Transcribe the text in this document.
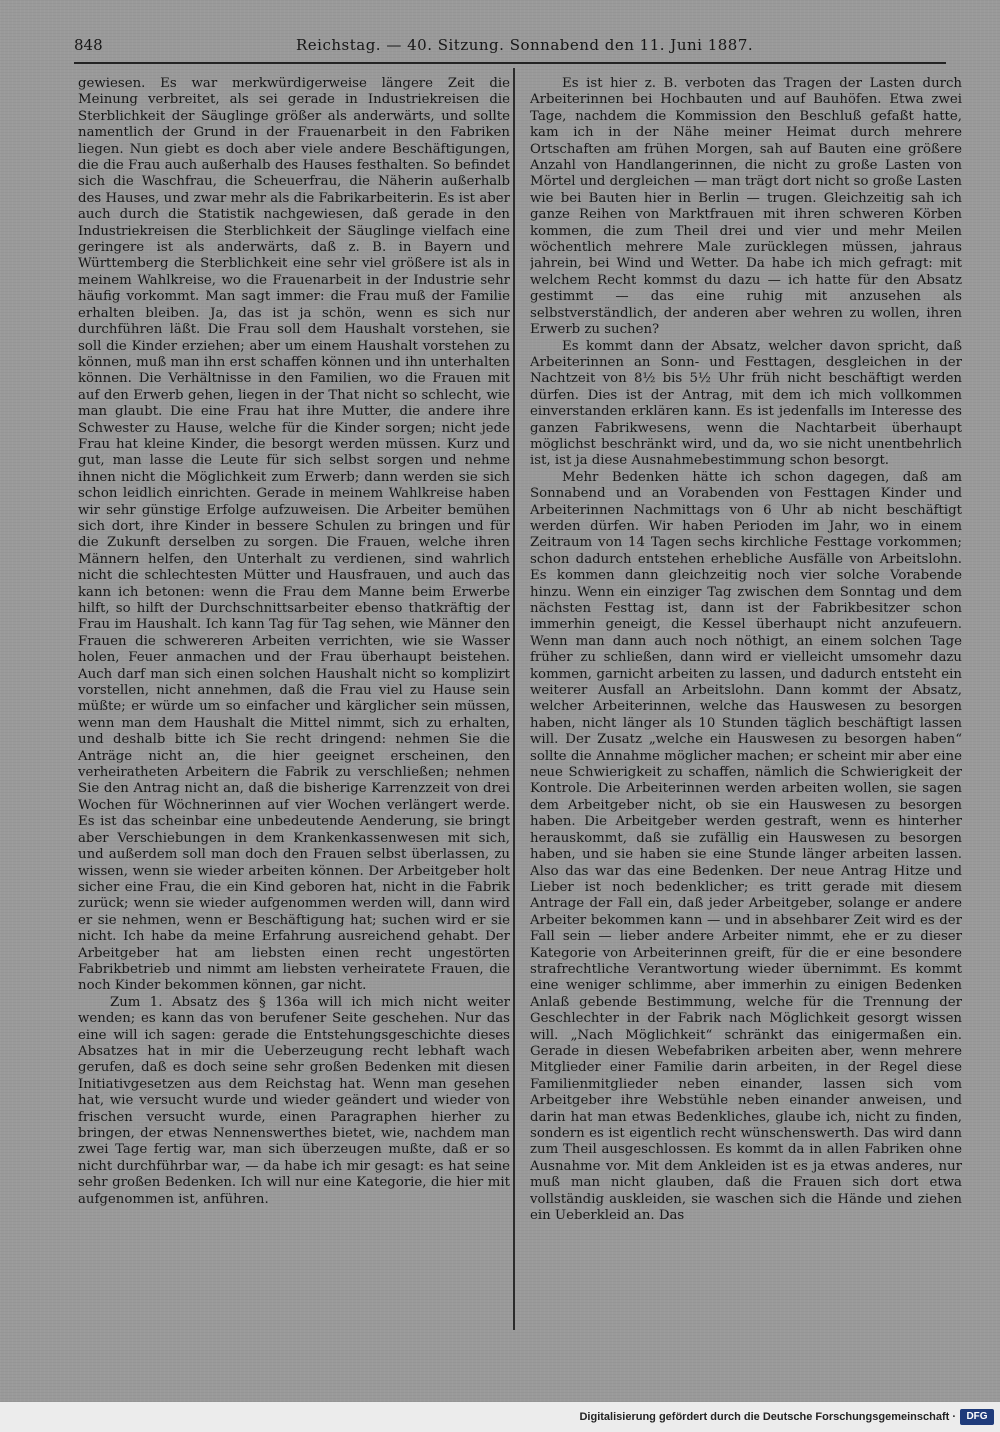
848	Reichstag. — 40. Sitzung. Sonnabend den 11. Juni 1887.

gewiesen. Es war merkwürdigerweise längere Zeit die Meinung verbreitet, als sei gerade in Industriekreisen die Sterblichkeit der Säuglinge größer als anderwärts, und sollte namentlich der Grund in der Frauenarbeit in den Fabriken liegen. Nun giebt es doch aber viele andere Beschäftigungen, die die Frau auch außerhalb des Hauses festhalten. So befindet sich die Waschfrau, die Scheuerfrau, die Näherin außerhalb des Hauses, und zwar mehr als die Fabrikarbeiterin. Es ist aber auch durch die Statistik nachgewiesen, daß gerade in den Industriekreisen die Sterblichkeit der Säuglinge vielfach eine geringere ist als anderwärts, daß z. B. in Bayern und Württemberg die Sterblichkeit eine sehr viel größere ist als in meinem Wahlkreise, wo die Frauenarbeit in der Industrie sehr häufig vorkommt. Man sagt immer: die Frau muß der Familie erhalten bleiben. Ja, das ist ja schön, wenn es sich nur durchführen läßt. Die Frau soll dem Haushalt vorstehen, sie soll die Kinder erziehen; aber um einem Haushalt vorstehen zu können, muß man ihn erst schaffen können und ihn unterhalten können. Die Verhältnisse in den Familien, wo die Frauen mit auf den Erwerb gehen, liegen in der That nicht so schlecht, wie man glaubt. Die eine Frau hat ihre Mutter, die andere ihre Schwester zu Hause, welche für die Kinder sorgen; nicht jede Frau hat kleine Kinder, die besorgt werden müssen. Kurz und gut, man lasse die Leute für sich selbst sorgen und nehme ihnen nicht die Möglichkeit zum Erwerb; dann werden sie sich schon leidlich einrichten. Gerade in meinem Wahlkreise haben wir sehr günstige Erfolge aufzuweisen. Die Arbeiter bemühen sich dort, ihre Kinder in bessere Schulen zu bringen und für die Zukunft derselben zu sorgen. Die Frauen, welche ihren Männern helfen, den Unterhalt zu verdienen, sind wahrlich nicht die schlechtesten Mütter und Hausfrauen, und auch das kann ich betonen: wenn die Frau dem Manne beim Erwerbe hilft, so hilft der Durchschnittsarbeiter ebenso thatkräftig der Frau im Haushalt. Ich kann Tag für Tag sehen, wie Männer den Frauen die schwereren Arbeiten verrichten, wie sie Wasser holen, Feuer anmachen und der Frau überhaupt beistehen. Auch darf man sich einen solchen Haushalt nicht so komplizirt vorstellen, nicht annehmen, daß die Frau viel zu Hause sein müßte; er würde um so einfacher und kärglicher sein müssen, wenn man dem Haushalt die Mittel nimmt, sich zu erhalten, und deshalb bitte ich Sie recht dringend: nehmen Sie die Anträge nicht an, die hier geeignet erscheinen, den verheiratheten Arbeitern die Fabrik zu verschließen; nehmen Sie den Antrag nicht an, daß die bisherige Karrenzzeit von drei Wochen für Wöchnerinnen auf vier Wochen verlängert werde. Es ist das scheinbar eine unbedeutende Aenderung, sie bringt aber Verschiebungen in dem Krankenkassenwesen mit sich, und außerdem soll man doch den Frauen selbst überlassen, zu wissen, wenn sie wieder arbeiten können. Der Arbeitgeber holt sicher eine Frau, die ein Kind geboren hat, nicht in die Fabrik zurück; wenn sie wieder aufgenommen werden will, dann wird er sie nehmen, wenn er Beschäftigung hat; suchen wird er sie nicht. Ich habe da meine Erfahrung ausreichend gehabt. Der Arbeitgeber hat am liebsten einen recht ungestörten Fabrikbetrieb und nimmt am liebsten verheiratete Frauen, die noch Kinder bekommen können, gar nicht.

Zum 1. Absatz des § 136a will ich mich nicht weiter wenden; es kann das von berufener Seite geschehen. Nur das eine will ich sagen: gerade die Entstehungsgeschichte dieses Absatzes hat in mir die Ueberzeugung recht lebhaft wach gerufen, daß es doch seine sehr großen Bedenken mit diesen Initiativgesetzen aus dem Reichstag hat. Wenn man gesehen hat, wie versucht wurde und wieder geändert und wieder von frischen versucht wurde, einen Paragraphen hierher zu bringen, der etwas Nennenswerthes bietet, wie, nachdem man zwei Tage fertig war, man sich überzeugen mußte, daß er so nicht durchführbar war, — da habe ich mir gesagt: es hat seine sehr großen Bedenken. Ich will nur eine Kategorie, die hier mit aufgenommen ist, anführen.

Es ist hier z. B. verboten das Tragen der Lasten durch Arbeiterinnen bei Hochbauten und auf Bauhöfen. Etwa zwei Tage, nachdem die Kommission den Beschluß gefaßt hatte, kam ich in der Nähe meiner Heimat durch mehrere Ortschaften am frühen Morgen, sah auf Bauten eine größere Anzahl von Handlangerinnen, die nicht zu große Lasten von Mörtel und dergleichen — man trägt dort nicht so große Lasten wie bei Bauten hier in Berlin — trugen. Gleichzeitig sah ich ganze Reihen von Marktfrauen mit ihren schweren Körben kommen, die zum Theil drei und vier und mehr Meilen wöchentlich mehrere Male zurücklegen müssen, jahraus jahrein, bei Wind und Wetter. Da habe ich mich gefragt: mit welchem Recht kommst du dazu — ich hatte für den Absatz gestimmt — das eine ruhig mit anzusehen als selbstverständlich, der anderen aber wehren zu wollen, ihren Erwerb zu suchen?

Es kommt dann der Absatz, welcher davon spricht, daß Arbeiterinnen an Sonn- und Festtagen, desgleichen in der Nachtzeit von 8½ bis 5½ Uhr früh nicht beschäftigt werden dürfen. Dies ist der Antrag, mit dem ich mich vollkommen einverstanden erklären kann. Es ist jedenfalls im Interesse des ganzen Fabrikwesens, wenn die Nachtarbeit überhaupt möglichst beschränkt wird, und da, wo sie nicht unentbehrlich ist, ist ja diese Ausnahmebestimmung schon besorgt.

Mehr Bedenken hätte ich schon dagegen, daß am Sonnabend und an Vorabenden von Festtagen Kinder und Arbeiterinnen Nachmittags von 6 Uhr ab nicht beschäftigt werden dürfen. Wir haben Perioden im Jahr, wo in einem Zeitraum von 14 Tagen sechs kirchliche Festtage vorkommen; schon dadurch entstehen erhebliche Ausfälle von Arbeitslohn. Es kommen dann gleichzeitig noch vier solche Vorabende hinzu. Wenn ein einziger Tag zwischen dem Sonntag und dem nächsten Festtag ist, dann ist der Fabrikbesitzer schon immerhin geneigt, die Kessel überhaupt nicht anzufeuern. Wenn man dann auch noch nöthigt, an einem solchen Tage früher zu schließen, dann wird er vielleicht umsomehr dazu kommen, garnicht arbeiten zu lassen, und dadurch entsteht ein weiterer Ausfall an Arbeitslohn. Dann kommt der Absatz, welcher Arbeiterinnen, welche das Hauswesen zu besorgen haben, nicht länger als 10 Stunden täglich beschäftigt lassen will. Der Zusatz „welche ein Hauswesen zu besorgen haben“ sollte die Annahme möglicher machen; er scheint mir aber eine neue Schwierigkeit zu schaffen, nämlich die Schwierigkeit der Kontrole. Die Arbeiterinnen werden arbeiten wollen, sie sagen dem Arbeitgeber nicht, ob sie ein Hauswesen zu besorgen haben. Die Arbeitgeber werden gestraft, wenn es hinterher herauskommt, daß sie zufällig ein Hauswesen zu besorgen haben, und sie haben sie eine Stunde länger arbeiten lassen. Also das war das eine Bedenken. Der neue Antrag Hitze und Lieber ist noch bedenklicher; es tritt gerade mit diesem Antrage der Fall ein, daß jeder Arbeitgeber, solange er andere Arbeiter bekommen kann — und in absehbarer Zeit wird es der Fall sein — lieber andere Arbeiter nimmt, ehe er zu dieser Kategorie von Arbeiterinnen greift, für die er eine besondere strafrechtliche Verantwortung wieder übernimmt. Es kommt eine weniger schlimme, aber immerhin zu einigen Bedenken Anlaß gebende Bestimmung, welche für die Trennung der Geschlechter in der Fabrik nach Möglichkeit gesorgt wissen will. „Nach Möglichkeit“ schränkt das einigermaßen ein. Gerade in diesen Webefabriken arbeiten aber, wenn mehrere Mitglieder einer Familie darin arbeiten, in der Regel diese Familienmitglieder neben einander, lassen sich vom Arbeitgeber ihre Webstühle neben einander anweisen, und darin hat man etwas Bedenkliches, glaube ich, nicht zu finden, sondern es ist eigentlich recht wünschenswerth. Das wird dann zum Theil ausgeschlossen. Es kommt da in allen Fabriken ohne Ausnahme vor. Mit dem Ankleiden ist es ja etwas anderes, nur muß man nicht glauben, daß die Frauen sich dort etwa vollständig auskleiden, sie waschen sich die Hände und ziehen ein Ueberkleid an. Das

Digitalisierung gefördert durch die Deutsche Forschungsgemeinschaft ·	DFG
